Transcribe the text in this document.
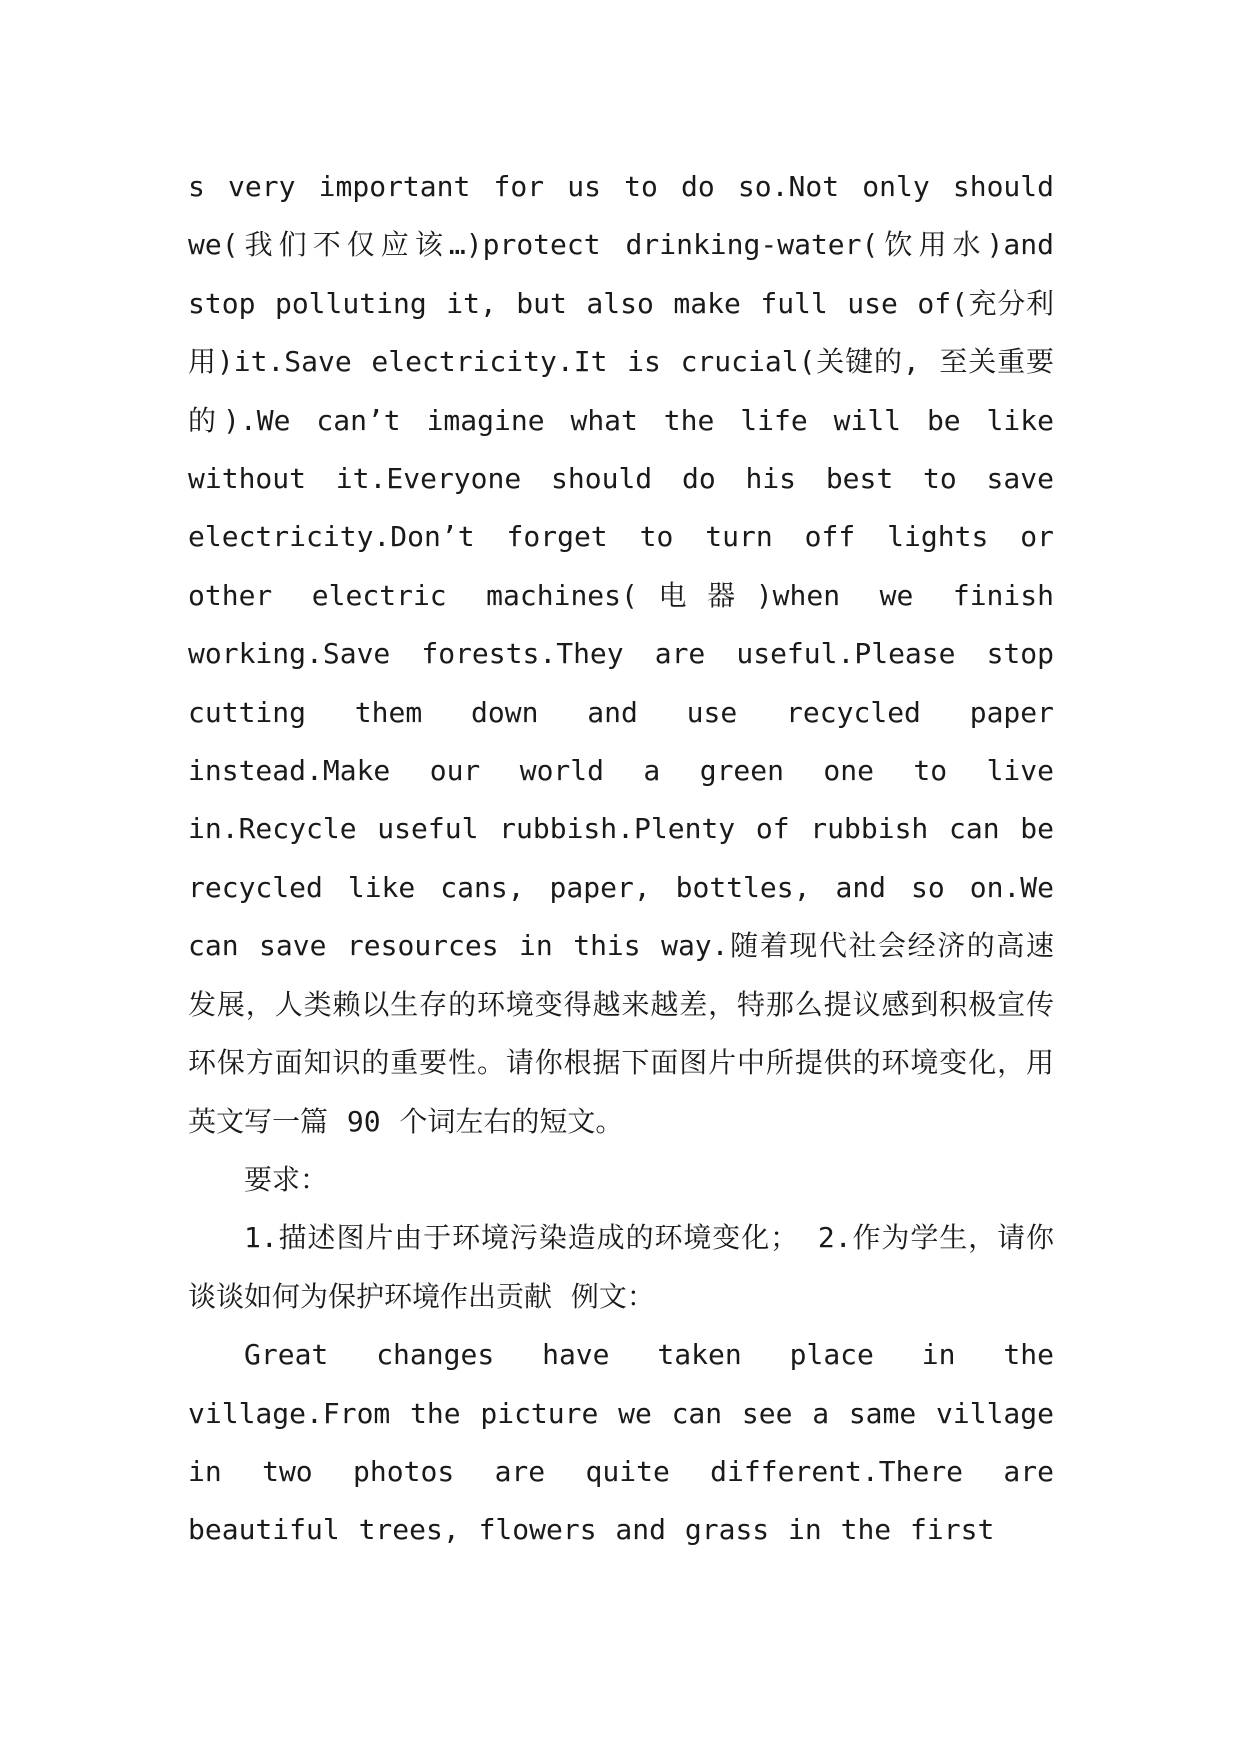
s very important for us to do so.Not only should we(我们不仅应该…)protect drinking-water(饮用水)and stop polluting it, but also make full use of(充分利用)it.Save electricity.It is crucial(关键的, 至关重要的).We can’t imagine what the life will be like without it.Everyone should do his best to save electricity.Don’t forget to turn off lights or other electric machines(电器)when we finish working.Save forests.They are useful.Please stop cutting them down and use recycled paper instead.Make our world a green one to live in.Recycle useful rubbish.Plenty of rubbish can be recycled like cans, paper, bottles, and so on.We can save resources in this way.随着现代社会经济的高速发展，人类赖以生存的环境变得越来越差，特那么提议感到积极宣传环保方面知识的重要性。请你根据下面图片中所提供的环境变化，用英文写一篇 90 个词左右的短文。

要求：

1.描述图片由于环境污染造成的环境变化； 2.作为学生，请你谈谈如何为保护环境作出贡献 例文：

Great changes have taken place in the village.From the picture we can see a same village in two photos are quite different.There are beautiful trees, flowers and grass in the first
